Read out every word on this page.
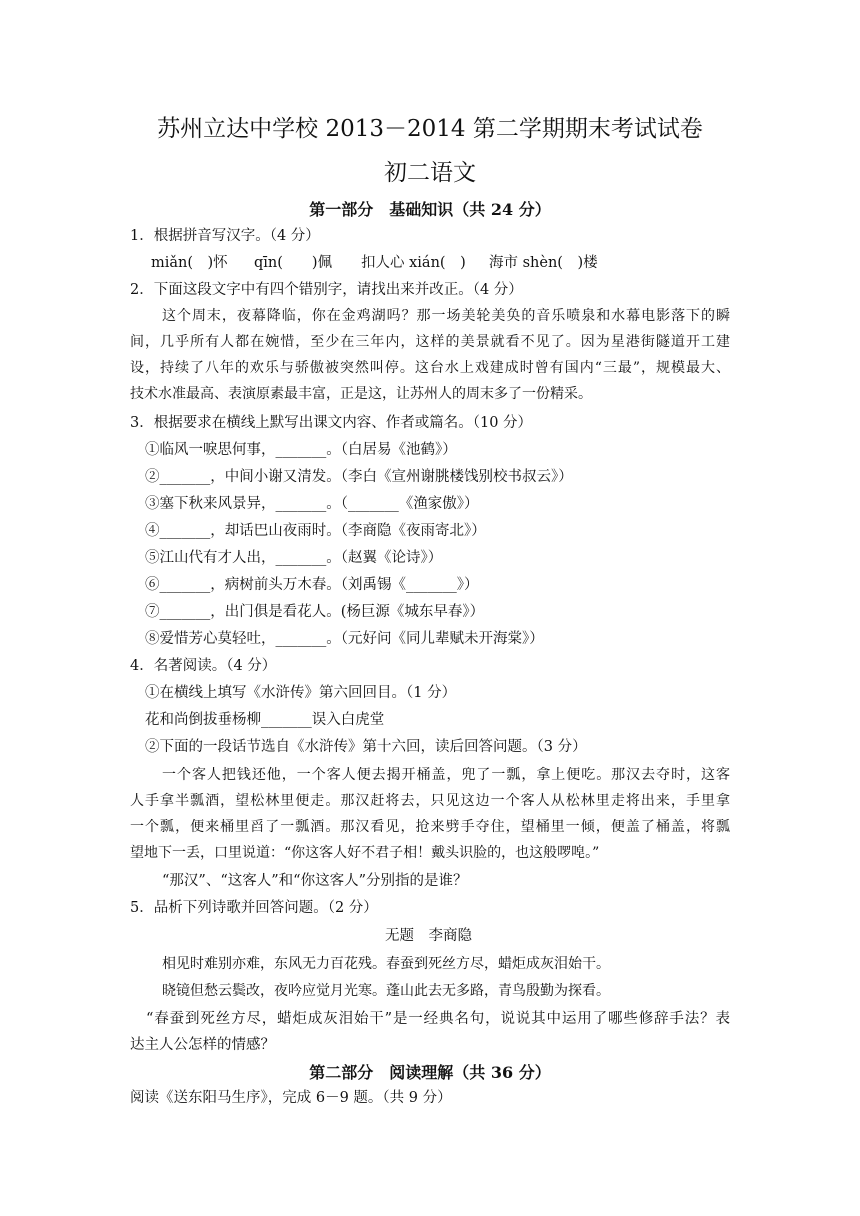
苏州立达中学校 2013－2014 第二学期期末考试试卷
初二语文
第一部分　基础知识（共 24 分）
1．根据拼音写汉字。（4 分）
miǎn(　)怀 qīn(　　)佩 扣人心 xián(　) 海市 shèn(　)楼
2．下面这段文字中有四个错别字，请找出来并改正。（4 分）
这个周末，夜幕降临，你在金鸡湖吗？那一场美轮美奂的音乐喷泉和水幕电影落下的瞬
间，几乎所有人都在婉惜，至少在三年内，这样的美景就看不见了。因为星港街隧道开工建
设，持续了八年的欢乐与骄傲被突然叫停。这台水上戏建成时曾有国内“三最”，规模最大、
技术水准最高、表演原素最丰富，正是这，让苏州人的周末多了一份精采。
3．根据要求在横线上默写出课文内容、作者或篇名。（10 分）
①临风一唳思何事，_______。（白居易《池鹤》）
②_______，中间小谢又清发。（李白《宣州谢朓楼饯别校书叔云》）
③塞下秋来风景异，_______。（_______《渔家傲》）
④_______，却话巴山夜雨时。（李商隐《夜雨寄北》）
⑤江山代有才人出，_______。（赵翼《论诗》）
⑥_______，病树前头万木春。（刘禹锡《_______》）
⑦_______，出门俱是看花人。(杨巨源《城东早春》）
⑧爱惜芳心莫轻吐，_______。（元好问《同儿辈赋未开海棠》）
4．名著阅读。（4 分）
①在横线上填写《水浒传》第六回回目。（1 分）
花和尚倒拔垂杨柳_______误入白虎堂
②下面的一段话节选自《水浒传》第十六回，读后回答问题。（3 分）
一个客人把钱还他，一个客人便去揭开桶盖，兜了一瓢，拿上便吃。那汉去夺时，这客
人手拿半瓢酒，望松林里便走。那汉赶将去，只见这边一个客人从松林里走将出来，手里拿
一个瓢，便来桶里舀了一瓢酒。那汉看见，抢来劈手夺住，望桶里一倾，便盖了桶盖，将瓢
望地下一丢，口里说道：“你这客人好不君子相！戴头识脸的，也这般啰唣。”
“那汉”、“这客人”和“你这客人”分别指的是谁？
5．品析下列诗歌并回答问题。（2 分）
无题　李商隐
相见时难别亦难，东风无力百花残。春蚕到死丝方尽，蜡炬成灰泪始干。
晓镜但愁云鬓改，夜吟应觉月光寒。蓬山此去无多路，青鸟殷勤为探看。
“春蚕到死丝方尽，蜡炬成灰泪始干”是一经典名句，说说其中运用了哪些修辞手法？表
达主人公怎样的情感？
第二部分　阅读理解（共 36 分）
阅读《送东阳马生序》，完成 6－9 题。（共 9 分）
